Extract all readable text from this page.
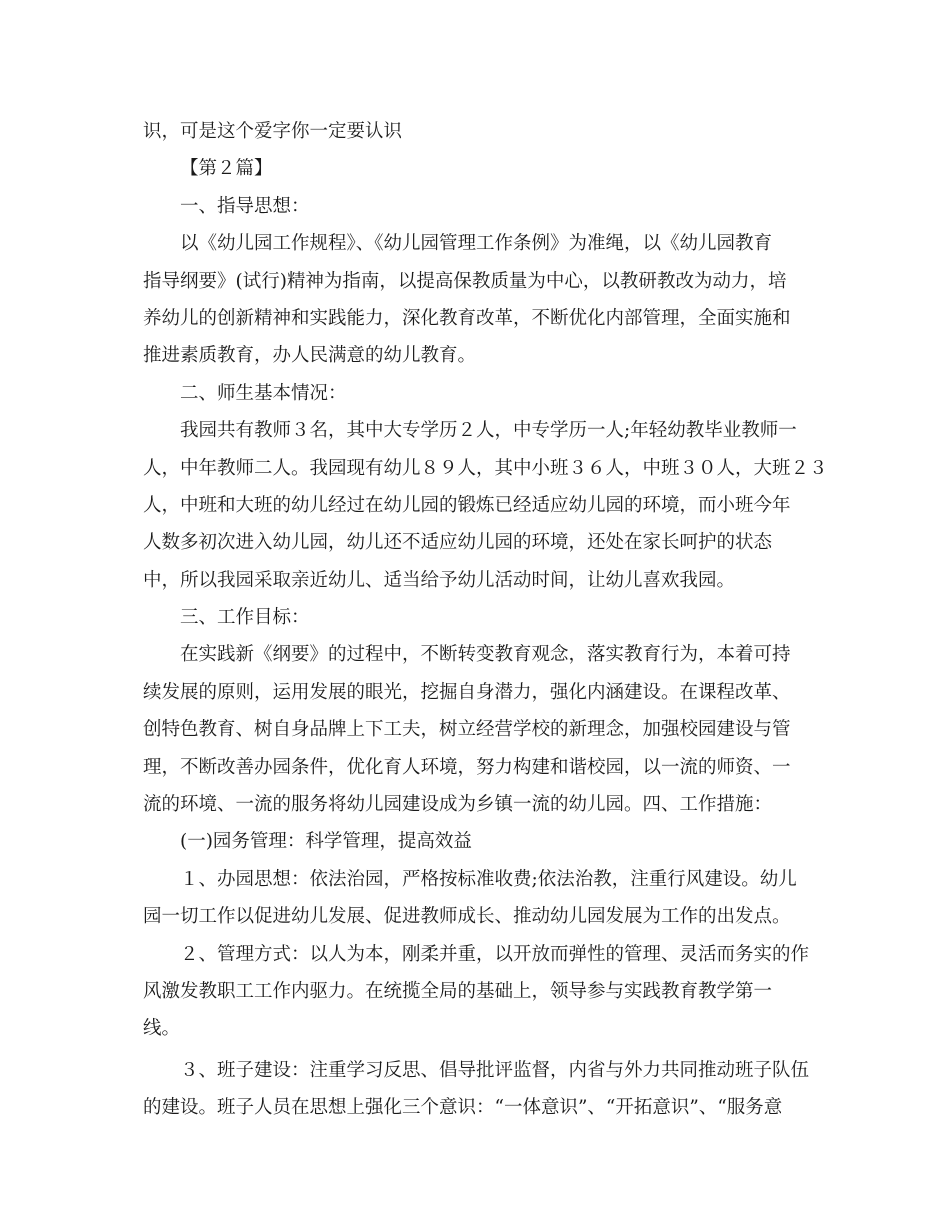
识，可是这个爱字你一定要认识

【第２篇】

一、指导思想：

以《幼儿园工作规程》、《幼儿园管理工作条例》为准绳，以《幼儿园教育

指导纲要》(试行)精神为指南，以提高保教质量为中心，以教研教改为动力，培

养幼儿的创新精神和实践能力，深化教育改革，不断优化内部管理，全面实施和

推进素质教育，办人民满意的幼儿教育。

二、师生基本情况：

我园共有教师３名，其中大专学历２人，中专学历一人;年轻幼教毕业教师一

人，中年教师二人。我园现有幼儿８９人，其中小班３６人，中班３０人，大班２３

人，中班和大班的幼儿经过在幼儿园的锻炼已经适应幼儿园的环境，而小班今年

人数多初次进入幼儿园，幼儿还不适应幼儿园的环境，还处在家长呵护的状态

中，所以我园采取亲近幼儿、适当给予幼儿活动时间，让幼儿喜欢我园。

三、工作目标：

在实践新《纲要》的过程中，不断转变教育观念，落实教育行为，本着可持

续发展的原则，运用发展的眼光，挖掘自身潜力，强化内涵建设。在课程改革、

创特色教育、树自身品牌上下工夫，树立经营学校的新理念，加强校园建设与管

理，不断改善办园条件，优化育人环境，努力构建和谐校园，以一流的师资、一

流的环境、一流的服务将幼儿园建设成为乡镇一流的幼儿园。四、工作措施：

(一)园务管理：科学管理，提高效益

１、办园思想：依法治园，严格按标准收费;依法治教，注重行风建设。幼儿

园一切工作以促进幼儿发展、促进教师成长、推动幼儿园发展为工作的出发点。

２、管理方式：以人为本，刚柔并重，以开放而弹性的管理、灵活而务实的作

风激发教职工工作内驱力。在统揽全局的基础上，领导参与实践教育教学第一

线。

３、班子建设：注重学习反思、倡导批评监督，内省与外力共同推动班子队伍

的建设。班子人员在思想上强化三个意识：“一体意识”、“开拓意识”、“服务意
